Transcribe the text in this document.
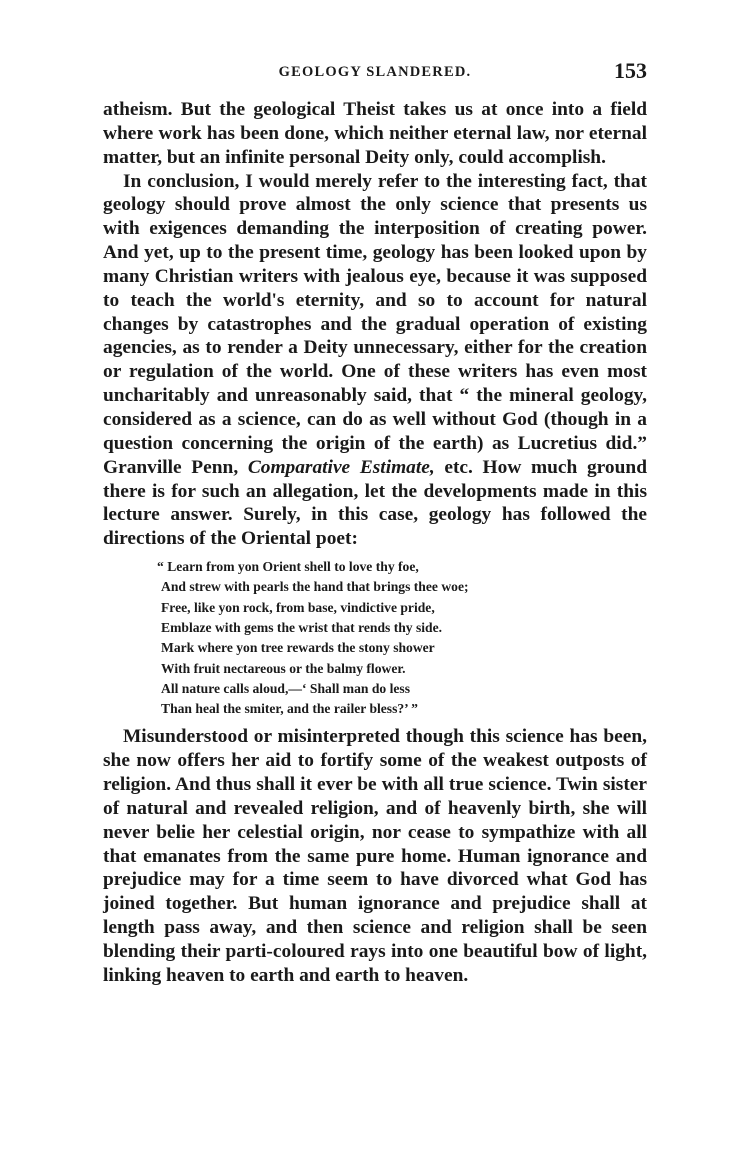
GEOLOGY SLANDERED.	153

atheism. But the geological Theist takes us at once into a field where work has been done, which neither eternal law, nor eternal matter, but an infinite personal Deity only, could accomplish.

In conclusion, I would merely refer to the interesting fact, that geology should prove almost the only science that presents us with exigences demanding the interposition of creating power. And yet, up to the present time, geology has been looked upon by many Christian writers with jealous eye, because it was supposed to teach the world's eternity, and so to account for natural changes by catastrophes and the gradual operation of existing agencies, as to render a Deity unnecessary, either for the creation or regulation of the world. One of these writers has even most uncharitably and unreasonably said, that “ the mineral geology, considered as a science, can do as well without God (though in a question concerning the origin of the earth) as Lucretius did.” Granville Penn, Comparative Estimate, etc. How much ground there is for such an allegation, let the developments made in this lecture answer. Surely, in this case, geology has followed the directions of the Oriental poet:

“ Learn from yon Orient shell to love thy foe,
And strew with pearls the hand that brings thee woe;
Free, like yon rock, from base, vindictive pride,
Emblaze with gems the wrist that rends thy side.
Mark where yon tree rewards the stony shower
With fruit nectareous or the balmy flower.
All nature calls aloud,—‘ Shall man do less
Than heal the smiter, and the railer bless?’ ”

Misunderstood or misinterpreted though this science has been, she now offers her aid to fortify some of the weakest outposts of religion. And thus shall it ever be with all true science. Twin sister of natural and revealed religion, and of heavenly birth, she will never belie her celestial origin, nor cease to sympathize with all that emanates from the same pure home. Human ignorance and prejudice may for a time seem to have divorced what God has joined together. But human ignorance and prejudice shall at length pass away, and then science and religion shall be seen blending their parti-coloured rays into one beautiful bow of light, linking heaven to earth and earth to heaven.
